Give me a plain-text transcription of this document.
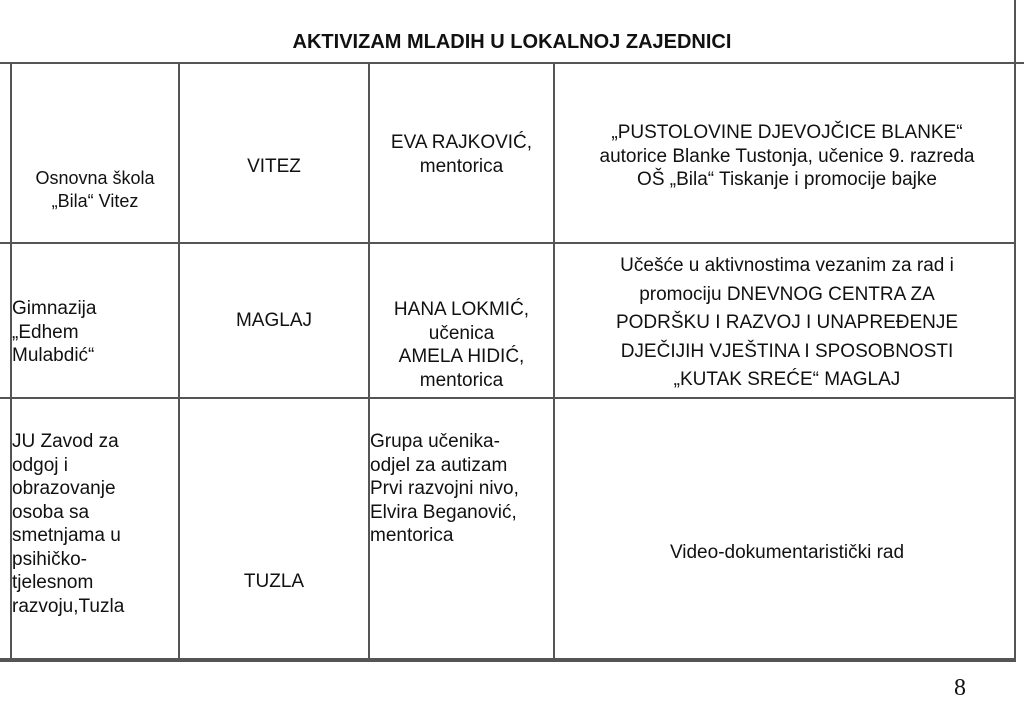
AKTIVIZAM MLADIH U LOKALNOJ ZAJEDNICI
Osnovna škola
„Bila“ Vitez
VITEZ
EVA RAJKOVIĆ,
mentorica
„PUSTOLOVINE DJEVOJČICE BLANKE“
autorice Blanke Tustonja, učenice 9. razreda
OŠ „Bila“ Tiskanje i promocije bajke
Gimnazija
„Edhem
Mulabdić“
MAGLAJ
HANA LOKMIĆ,
učenica
AMELA HIDIĆ,
mentorica
Učešće u aktivnostima vezanim za rad i
promociju DNEVNOG CENTRA ZA
PODRŠKU I RAZVOJ I UNAPREĐENJE
DJEČIJIH VJEŠTINA I SPOSOBNOSTI
„KUTAK SREĆE“ MAGLAJ
JU Zavod za
odgoj i
obrazovanje
osoba sa
smetnjama u
psihičko-
tjelesnom
razvoju,Tuzla
TUZLA
Grupa učenika-
odjel za autizam
Prvi razvojni nivo,
Elvira Beganović,
mentorica
Video-dokumentaristički rad
8
